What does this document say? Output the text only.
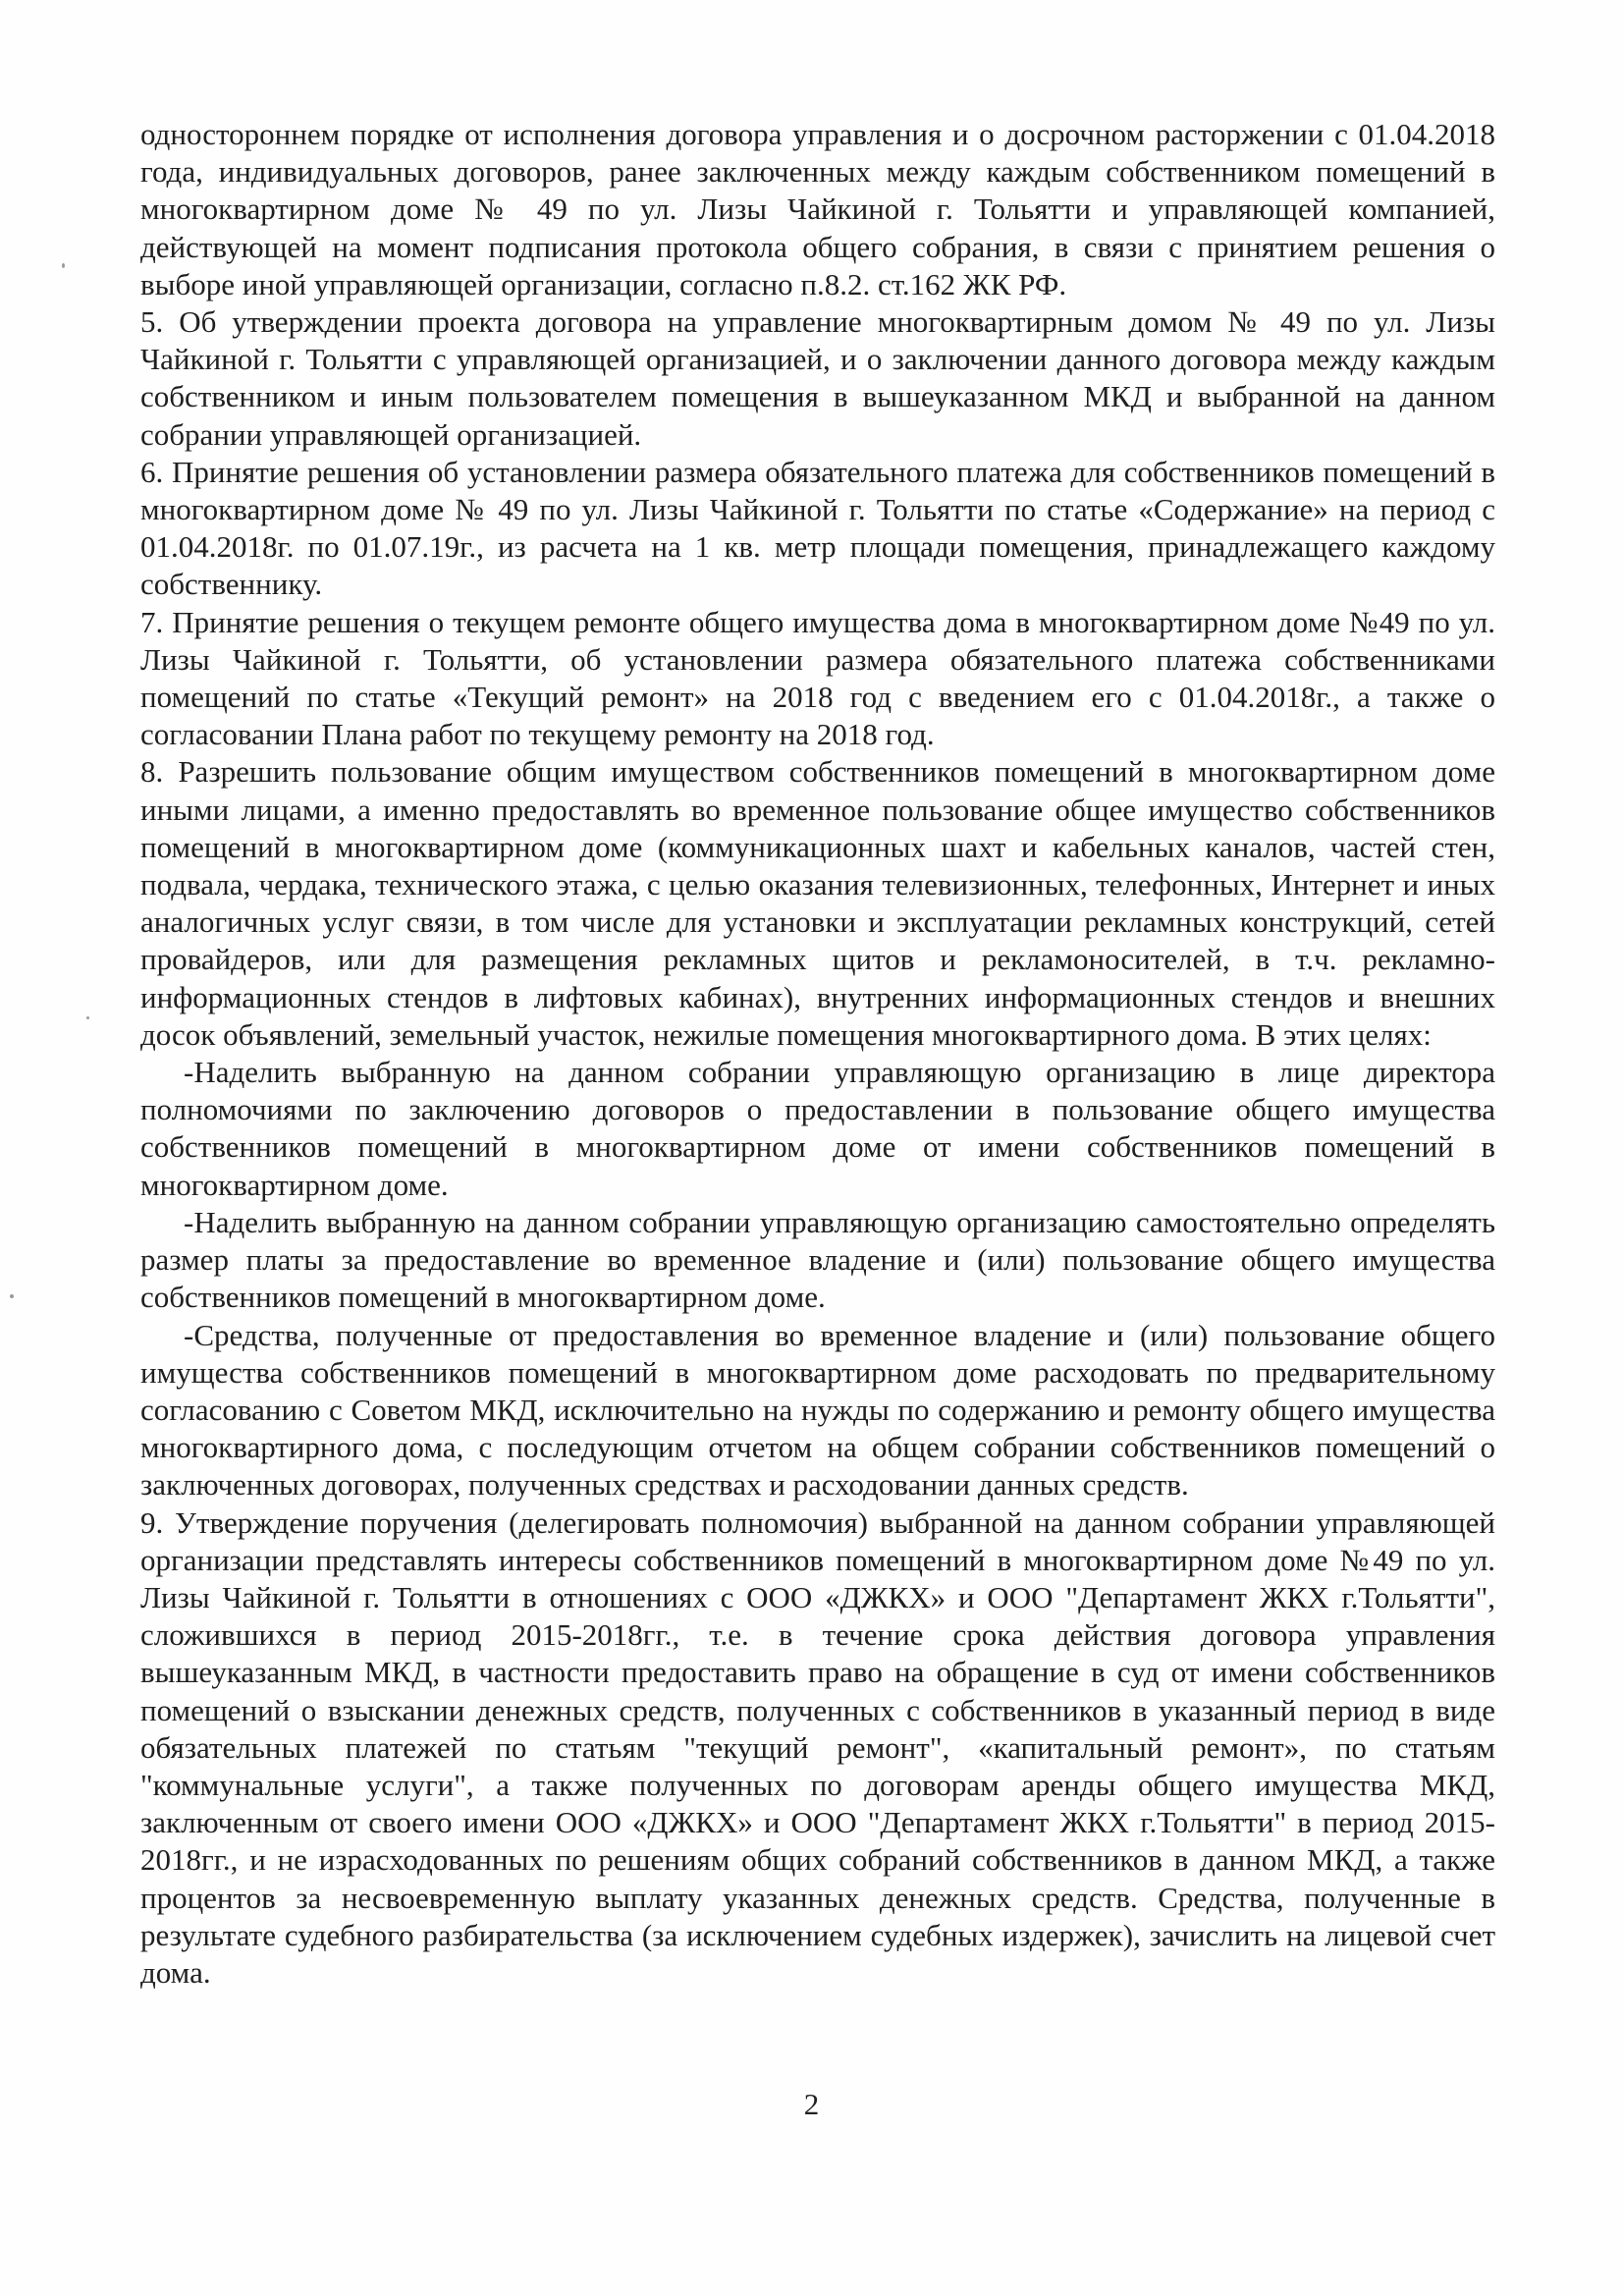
одностороннем порядке от исполнения договора управления и о досрочном расторжении с 01.04.2018 года, индивидуальных договоров, ранее заключенных между каждым собственником помещений в многоквартирном доме № 49 по ул. Лизы Чайкиной г. Тольятти и управляющей компанией, действующей на момент подписания протокола общего собрания, в связи с принятием решения о выборе иной управляющей организации, согласно п.8.2. ст.162 ЖК РФ.

5. Об утверждении проекта договора на управление многоквартирным домом № 49 по ул. Лизы Чайкиной г. Тольятти с управляющей организацией, и о заключении данного договора между каждым собственником и иным пользователем помещения в вышеуказанном МКД и выбранной на данном собрании управляющей организацией.

6. Принятие решения об установлении размера обязательного платежа для собственников помещений в многоквартирном доме № 49 по ул. Лизы Чайкиной г. Тольятти по статье «Содержание» на период с 01.04.2018г. по 01.07.19г., из расчета на 1 кв. метр площади помещения, принадлежащего каждому собственнику.

7. Принятие решения о текущем ремонте общего имущества дома в многоквартирном доме №49 по ул. Лизы Чайкиной г. Тольятти, об установлении размера обязательного платежа собственниками помещений по статье «Текущий ремонт» на 2018 год с введением его с 01.04.2018г., а также о согласовании Плана работ по текущему ремонту на 2018 год.

8. Разрешить пользование общим имуществом собственников помещений в многоквартирном доме иными лицами, а именно предоставлять во временное пользование общее имущество собственников помещений в многоквартирном доме (коммуникационных шахт и кабельных каналов, частей стен, подвала, чердака, технического этажа, с целью оказания телевизионных, телефонных, Интернет и иных аналогичных услуг связи, в том числе для установки и эксплуатации рекламных конструкций, сетей провайдеров, или для размещения рекламных щитов и рекламоносителей, в т.ч. рекламно-информационных стендов в лифтовых кабинах), внутренних информационных стендов и внешних досок объявлений, земельный участок, нежилые помещения многоквартирного дома. В этих целях:

-Наделить выбранную на данном собрании управляющую организацию в лице директора полномочиями по заключению договоров о предоставлении в пользование общего имущества собственников помещений в многоквартирном доме от имени собственников помещений в многоквартирном доме.

-Наделить выбранную на данном собрании управляющую организацию самостоятельно определять размер платы за предоставление во временное владение и (или) пользование общего имущества собственников помещений в многоквартирном доме.

-Средства, полученные от предоставления во временное владение и (или) пользование общего имущества собственников помещений в многоквартирном доме расходовать по предварительному согласованию с Советом МКД, исключительно на нужды по содержанию и ремонту общего имущества многоквартирного дома, с последующим отчетом на общем собрании собственников помещений о заключенных договорах, полученных средствах и расходовании данных средств.

9. Утверждение поручения (делегировать полномочия) выбранной на данном собрании управляющей организации представлять интересы собственников помещений в многоквартирном доме №49 по ул. Лизы Чайкиной г. Тольятти в отношениях с ООО «ДЖКХ» и ООО "Департамент ЖКХ г.Тольятти", сложившихся в период 2015-2018гг., т.е. в течение срока действия договора управления вышеуказанным МКД, в частности предоставить право на обращение в суд от имени собственников помещений о взыскании денежных средств, полученных с собственников в указанный период в виде обязательных платежей по статьям "текущий ремонт", «капитальный ремонт», по статьям "коммунальные услуги", а также полученных по договорам аренды общего имущества МКД, заключенным от своего имени ООО «ДЖКХ» и ООО "Департамент ЖКХ г.Тольятти" в период 2015-2018гг., и не израсходованных по решениям общих собраний собственников в данном МКД, а также процентов за несвоевременную выплату указанных денежных средств. Средства, полученные в результате судебного разбирательства (за исключением судебных издержек), зачислить на лицевой счет дома.

2
